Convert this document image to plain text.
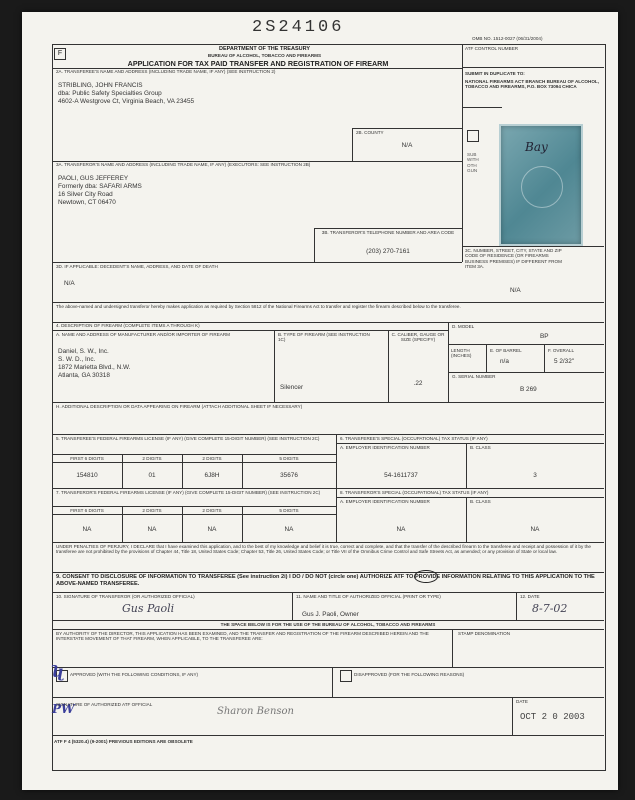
2S24106
OMB NO. 1512-0027 (06/31/2004)
F
DEPARTMENT OF THE TREASURY
BUREAU OF ALCOHOL, TOBACCO AND FIREARMS
APPLICATION FOR TAX PAID TRANSFER AND REGISTRATION OF FIREARM
ATF CONTROL NUMBER
2A. TRANSFEREE'S NAME AND ADDRESS (INCLUDING TRADE NAME, IF ANY) (SEE INSTRUCTION 2)
STRIBLING, JOHN FRANCIS
dba: Public Safety Specialties Group
4602-A Westgrove Ct, Virginia Beach, VA 23455
2B. COUNTY
N/A
SUBMIT IN DUPLICATE TO:
NATIONAL FIREARMS ACT BRANCH BUREAU OF ALCOHOL, TOBACCO AND FIREARMS, P.O. BOX 73094 CHICA
SUB
WITH
OTH
GUN
Bay
3A. TRANSFEROR'S NAME AND ADDRESS (INCLUDING TRADE NAME, IF ANY) (EXECUTORS: SEE INSTRUCTION 2B)
PAOLI, GUS JEFFEREY
Formerly dba: SAFARI ARMS
16 Silver City Road
Newtown, CT 06470
3B. TRANSFEROR'S TELEPHONE NUMBER AND AREA CODE
(203) 270-7161	3C. NUMBER, STREET, CITY, STATE AND ZIP CODE OF RESIDENCE (OR FIREARMS BUSINESS PREMISES) IF DIFFERENT FROM ITEM 3A.
N/A
3D. IF APPLICABLE: DECEDENT'S NAME, ADDRESS, AND DATE OF DEATH
N/A
The above-named and undersigned transferor hereby makes application as required by Section 5812 of the National Firearms Act to transfer and register the firearm described below to the transferee.
4. DESCRIPTION OF FIREARM (COMPLETE ITEMS A THROUGH K)
A. NAME AND ADDRESS OF MANUFACTURER AND/OR IMPORTER OF FIREARM
Daniel, S. W., Inc.
S. W. D., Inc.
1872 Marietta Blvd., N.W.
Atlanta, GA 30318
B. TYPE OF FIREARM (SEE INSTRUCTION 1C)
Silencer
C. CALIBER, GAUGE OR SIZE (SPECIFY)
.22
D. MODEL
BP
LENGTH (INCHES)
E. OF BARREL
n/a
F. OVERALL
5 2/32"
G. SERIAL NUMBER
B 269
H. ADDITIONAL DESCRIPTION OR DATA APPEARING ON FIREARM (ATTACH ADDITIONAL SHEET IF NECESSARY)
5. TRANSFEREE'S FEDERAL FIREARMS LICENSE (IF ANY) (GIVE COMPLETE 15-DIGIT NUMBER) (SEE INSTRUCTION 2C)
FIRST 6 DIGITS	2 DIGITS	2 DIGITS	5 DIGITS
154810	01	6J8H	35676
6. TRANSFEREE'S SPECIAL (OCCUPATIONAL) TAX STATUS (IF ANY)
A. EMPLOYER IDENTIFICATION NUMBER	B. CLASS
54-1611737	3
7. TRANSFEROR'S FEDERAL FIREARMS LICENSE (IF ANY) (GIVE COMPLETE 15-DIGIT NUMBER) (SEE INSTRUCTION 2C)
FIRST 6 DIGITS	2 DIGITS	2 DIGITS	5 DIGITS
NA	NA	NA	NA
8. TRANSFEROR'S SPECIAL (OCCUPATIONAL) TAX STATUS (IF ANY)
A. EMPLOYER IDENTIFICATION NUMBER	B. CLASS
NA	NA
UNDER PENALTIES OF PERJURY, I DECLARE that I have examined this application, and to the best of my knowledge and belief it is true, correct and complete, and that the transfer of the described firearm to the transferee and receipt and possession of it by the transferee are not prohibited by the provisions of Chapter 44, Title 18, United States Code; Chapter 53, Title 26, United States Code; or Title VII of the Omnibus Crime Control and Safe Streets Act, as amended; or any provision of State or local law.
9. CONSENT TO DISCLOSURE OF INFORMATION TO TRANSFEREE (See instruction 2i) I DO / DO NOT (circle one) AUTHORIZE ATF TO PROVIDE INFORMATION RELATING TO THIS APPLICATION TO THE ABOVE-NAMED TRANSFEREE.
10. SIGNATURE OF TRANSFEROR (OR AUTHORIZED OFFICIAL)
Gus Paoli
11. NAME AND TITLE OF AUTHORIZED OFFICIAL (PRINT OR TYPE)
Gus J. Paoli, Owner
12. DATE
8-7-02
THE SPACE BELOW IS FOR THE USE OF THE BUREAU OF ALCOHOL, TOBACCO AND FIREARMS
BY AUTHORITY OF THE DIRECTOR, THIS APPLICATION HAS BEEN EXAMINED, AND THE TRANSFER AND REGISTRATION OF THE FIREARM DESCRIBED HEREIN AND THE INTERSTATE MOVEMENT OF THAT FIREARM, WHEN APPLICABLE, TO THE TRANSFEREE ARE:
STAMP DENOMINATION
APPROVED (WITH THE FOLLOWING CONDITIONS, IF ANY)	DISAPPROVED (FOR THE FOLLOWING REASONS)
ʯ
PW
SIGNATURE OF AUTHORIZED ATF OFFICIAL
Sharon Benson
DATE
OCT 2 0 2003
ATF F 4 (5320.4) (9-2001) PREVIOUS EDITIONS ARE OBSOLETE
